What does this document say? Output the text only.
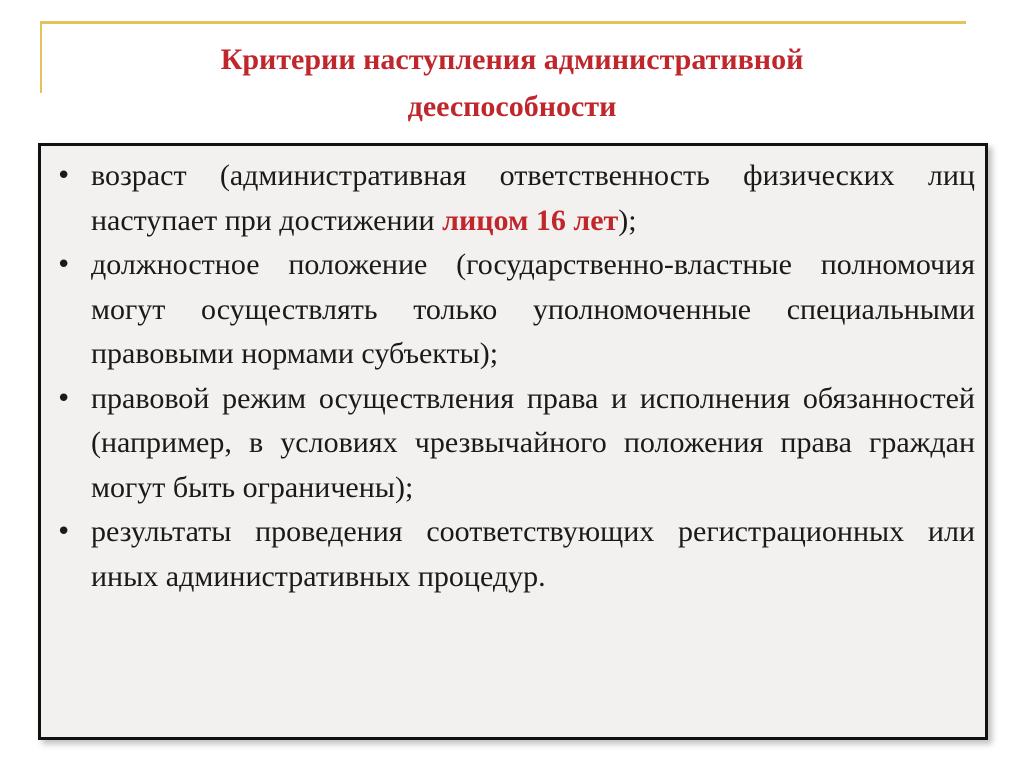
Критерии наступления административной
дееспособности
• возраст (административная ответственность физических лиц наступает при достижении лицом 16 лет);
• должностное положение (государственно-властные полномочия могут осуществлять только уполномоченные специальными правовыми нормами субъекты);
• правовой режим осуществления права и исполнения обязанностей (например, в условиях чрезвычайного положения права граждан могут быть ограничены);
• результаты проведения соответствующих регистрационных или иных административных процедур.
